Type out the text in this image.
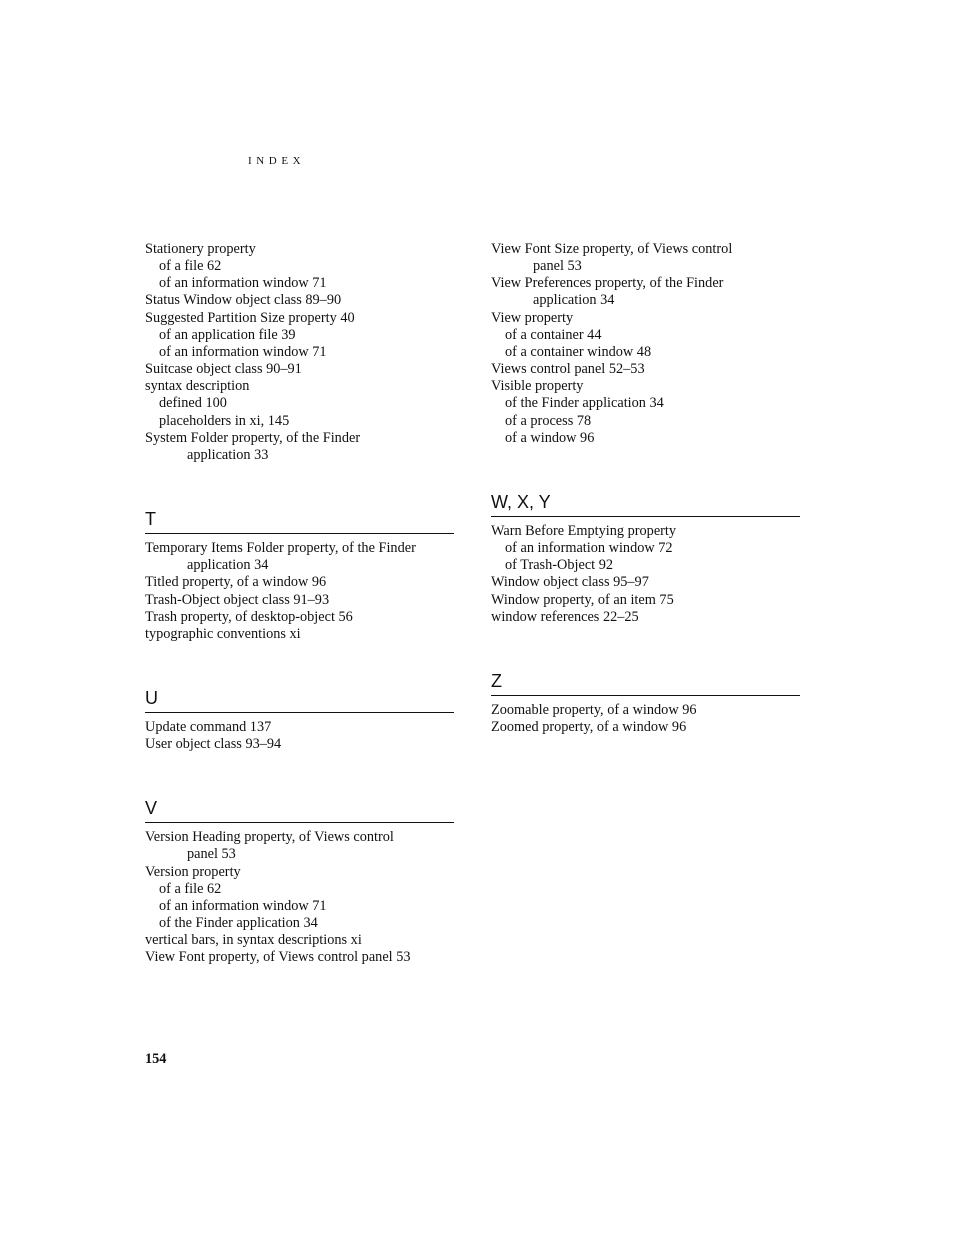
INDEX
Stationery property
of a file 62
of an information window 71
Status Window object class 89–90
Suggested Partition Size property 40
of an application file 39
of an information window 71
Suitcase object class 90–91
syntax description
defined 100
placeholders in xi, 145
System Folder property, of the Finder
application 33
T
Temporary Items Folder property, of the Finder
application 34
Titled property, of a window 96
Trash-Object object class 91–93
Trash property, of desktop-object 56
typographic conventions xi
U
Update command 137
User object class 93–94
V
Version Heading property, of Views control
panel 53
Version property
of a file 62
of an information window 71
of the Finder application 34
vertical bars, in syntax descriptions xi
View Font property, of Views control panel 53
View Font Size property, of Views control
panel 53
View Preferences property, of the Finder
application 34
View property
of a container 44
of a container window 48
Views control panel 52–53
Visible property
of the Finder application 34
of a process 78
of a window 96
W, X, Y
Warn Before Emptying property
of an information window 72
of Trash-Object 92
Window object class 95–97
Window property, of an item 75
window references 22–25
Z
Zoomable property, of a window 96
Zoomed property, of a window 96
154
